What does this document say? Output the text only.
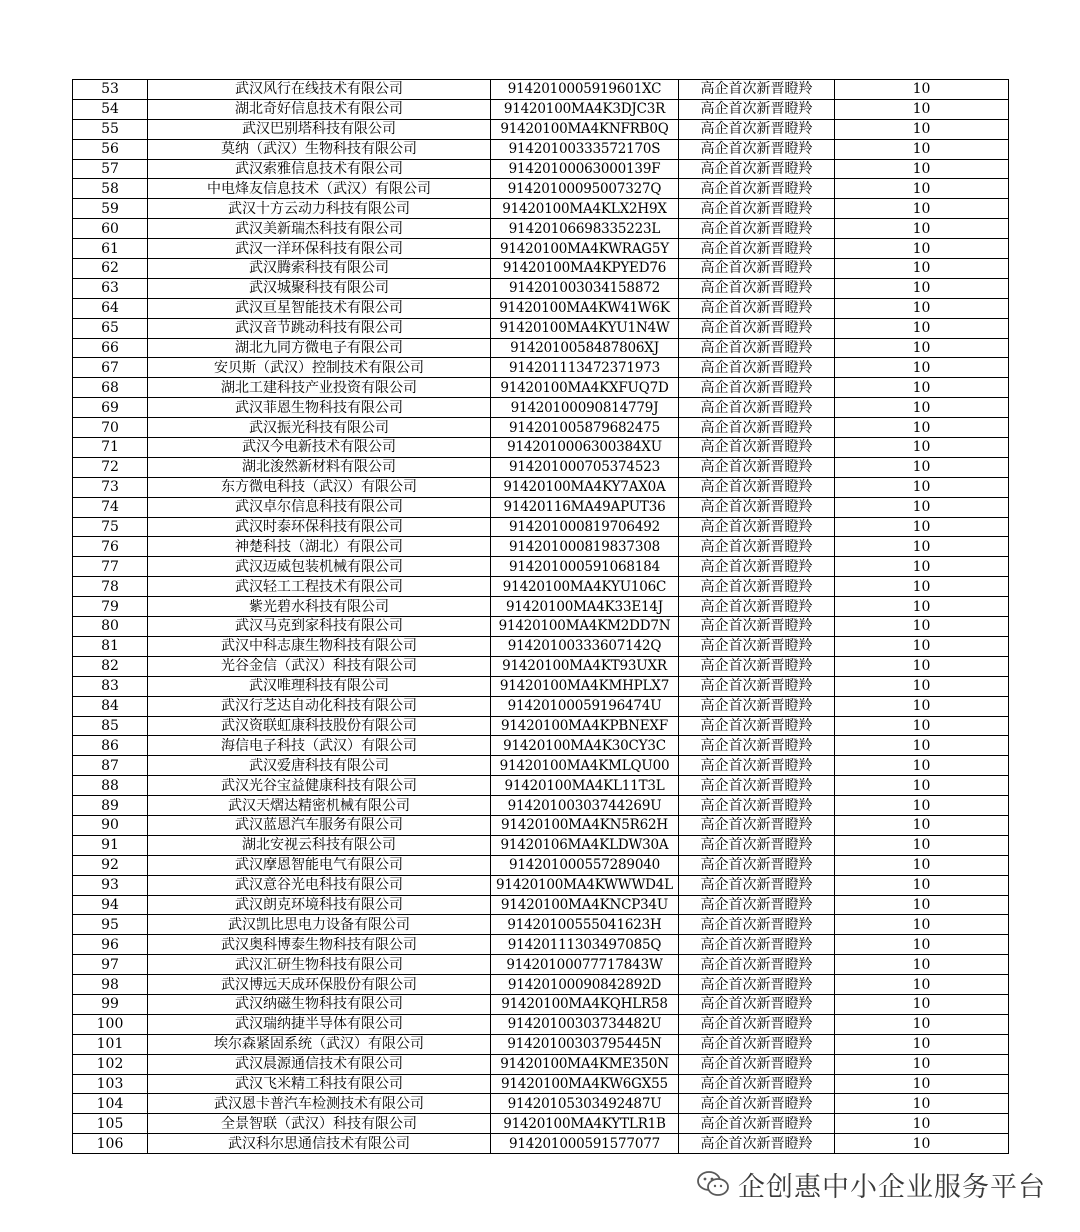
53	武汉风行在线技术有限公司	9142010005919601XC	高企首次新晋瞪羚	10
54	湖北奇好信息技术有限公司	91420100MA4K3DJC3R	高企首次新晋瞪羚	10
55	武汉巴别塔科技有限公司	91420100MA4KNFRB0Q	高企首次新晋瞪羚	10
56	莫纳（武汉）生物科技有限公司	91420100333572170S	高企首次新晋瞪羚	10
57	武汉索雅信息技术有限公司	91420100063000139F	高企首次新晋瞪羚	10
58	中电烽友信息技术（武汉）有限公司	91420100095007327Q	高企首次新晋瞪羚	10
59	武汉十方云动力科技有限公司	91420100MA4KLX2H9X	高企首次新晋瞪羚	10
60	武汉美新瑞杰科技有限公司	91420106698335223L	高企首次新晋瞪羚	10
61	武汉一洋环保科技有限公司	91420100MA4KWRAG5Y	高企首次新晋瞪羚	10
62	武汉腾索科技有限公司	91420100MA4KPYED76	高企首次新晋瞪羚	10
63	武汉城聚科技有限公司	914201003034158872	高企首次新晋瞪羚	10
64	武汉亘星智能技术有限公司	91420100MA4KW41W6K	高企首次新晋瞪羚	10
65	武汉音节跳动科技有限公司	91420100MA4KYU1N4W	高企首次新晋瞪羚	10
66	湖北九同方微电子有限公司	9142010058487806XJ	高企首次新晋瞪羚	10
67	安贝斯（武汉）控制技术有限公司	914201113472371973	高企首次新晋瞪羚	10
68	湖北工建科技产业投资有限公司	91420100MA4KXFUQ7D	高企首次新晋瞪羚	10
69	武汉菲恩生物科技有限公司	91420100090814779J	高企首次新晋瞪羚	10
70	武汉振光科技有限公司	914201005879682475	高企首次新晋瞪羚	10
71	武汉今电新技术有限公司	9142010006300384XU	高企首次新晋瞪羚	10
72	湖北浚然新材料有限公司	914201000705374523	高企首次新晋瞪羚	10
73	东方微电科技（武汉）有限公司	91420100MA4KY7AX0A	高企首次新晋瞪羚	10
74	武汉卓尔信息科技有限公司	91420116MA49APUT36	高企首次新晋瞪羚	10
75	武汉时泰环保科技有限公司	914201000819706492	高企首次新晋瞪羚	10
76	神楚科技（湖北）有限公司	914201000819837308	高企首次新晋瞪羚	10
77	武汉迈威包装机械有限公司	914201000591068184	高企首次新晋瞪羚	10
78	武汉轻工工程技术有限公司	91420100MA4KYU106C	高企首次新晋瞪羚	10
79	紫光碧水科技有限公司	91420100MA4K33E14J	高企首次新晋瞪羚	10
80	武汉马克到家科技有限公司	91420100MA4KM2DD7N	高企首次新晋瞪羚	10
81	武汉中科志康生物科技有限公司	91420100333607142Q	高企首次新晋瞪羚	10
82	光谷金信（武汉）科技有限公司	91420100MA4KT93UXR	高企首次新晋瞪羚	10
83	武汉唯理科技有限公司	91420100MA4KMHPLX7	高企首次新晋瞪羚	10
84	武汉行芝达自动化科技有限公司	91420100059196474U	高企首次新晋瞪羚	10
85	武汉资联虹康科技股份有限公司	91420100MA4KPBNEXF	高企首次新晋瞪羚	10
86	海信电子科技（武汉）有限公司	91420100MA4K30CY3C	高企首次新晋瞪羚	10
87	武汉爱唐科技有限公司	91420100MA4KMLQU00	高企首次新晋瞪羚	10
88	武汉光谷宝益健康科技有限公司	91420100MA4KL11T3L	高企首次新晋瞪羚	10
89	武汉天熠达精密机械有限公司	91420100303744269U	高企首次新晋瞪羚	10
90	武汉蓝恩汽车服务有限公司	91420100MA4KN5R62H	高企首次新晋瞪羚	10
91	湖北安视云科技有限公司	91420106MA4KLDW30A	高企首次新晋瞪羚	10
92	武汉摩恩智能电气有限公司	914201000557289040	高企首次新晋瞪羚	10
93	武汉意谷光电科技有限公司	91420100MA4KWWWD4L	高企首次新晋瞪羚	10
94	武汉朗克环境科技有限公司	91420100MA4KNCP34U	高企首次新晋瞪羚	10
95	武汉凯比思电力设备有限公司	91420100555041623H	高企首次新晋瞪羚	10
96	武汉奥科博泰生物科技有限公司	91420111303497085Q	高企首次新晋瞪羚	10
97	武汉汇研生物科技有限公司	91420100077717843W	高企首次新晋瞪羚	10
98	武汉博远天成环保股份有限公司	91420100090842892D	高企首次新晋瞪羚	10
99	武汉纳磁生物科技有限公司	91420100MA4KQHLR58	高企首次新晋瞪羚	10
100	武汉瑞纳捷半导体有限公司	91420100303734482U	高企首次新晋瞪羚	10
101	埃尔森紧固系统（武汉）有限公司	91420100303795445N	高企首次新晋瞪羚	10
102	武汉晨源通信技术有限公司	91420100MA4KME350N	高企首次新晋瞪羚	10
103	武汉飞米精工科技有限公司	91420100MA4KW6GX55	高企首次新晋瞪羚	10
104	武汉恩卡普汽车检测技术有限公司	91420105303492487U	高企首次新晋瞪羚	10
105	全景智联（武汉）科技有限公司	91420100MA4KYTLR1B	高企首次新晋瞪羚	10
106	武汉科尔思通信技术有限公司	914201000591577077	高企首次新晋瞪羚	10
企创惠中小企业服务平台
